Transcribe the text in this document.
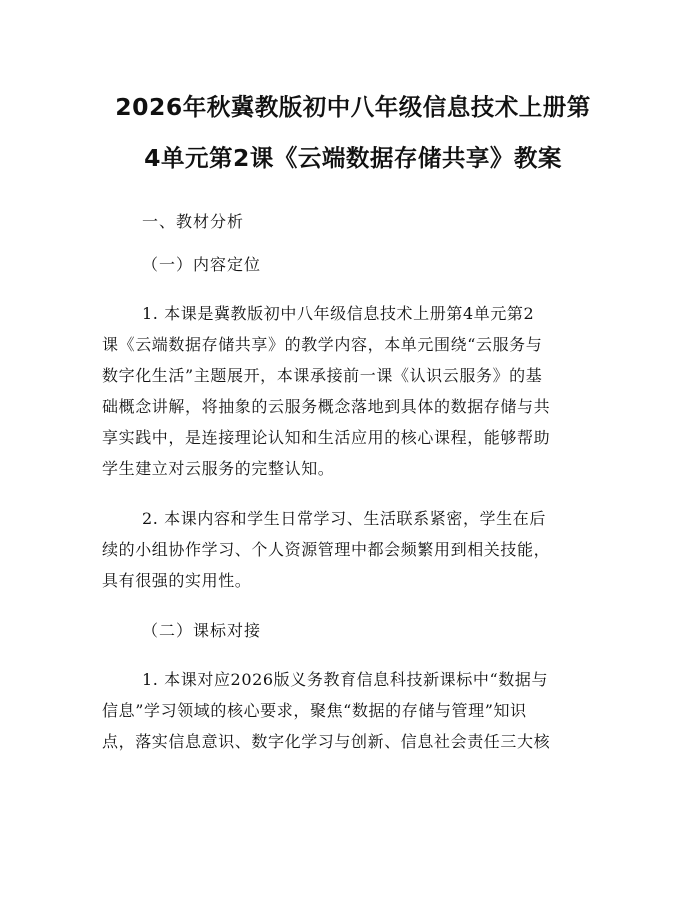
2026年秋冀教版初中八年级信息技术上册第
4单元第2课《云端数据存储共享》教案
一、教材分析
（一）内容定位
1. 本课是冀教版初中八年级信息技术上册第4单元第2
课《云端数据存储共享》的教学内容，本单元围绕“云服务与
数字化生活”主题展开，本课承接前一课《认识云服务》的基
础概念讲解，将抽象的云服务概念落地到具体的数据存储与共
享实践中，是连接理论认知和生活应用的核心课程，能够帮助
学生建立对云服务的完整认知。
2. 本课内容和学生日常学习、生活联系紧密，学生在后
续的小组协作学习、个人资源管理中都会频繁用到相关技能，
具有很强的实用性。
（二）课标对接
1. 本课对应2026版义务教育信息科技新课标中“数据与
信息”学习领域的核心要求，聚焦“数据的存储与管理”知识
点，落实信息意识、数字化学习与创新、信息社会责任三大核
